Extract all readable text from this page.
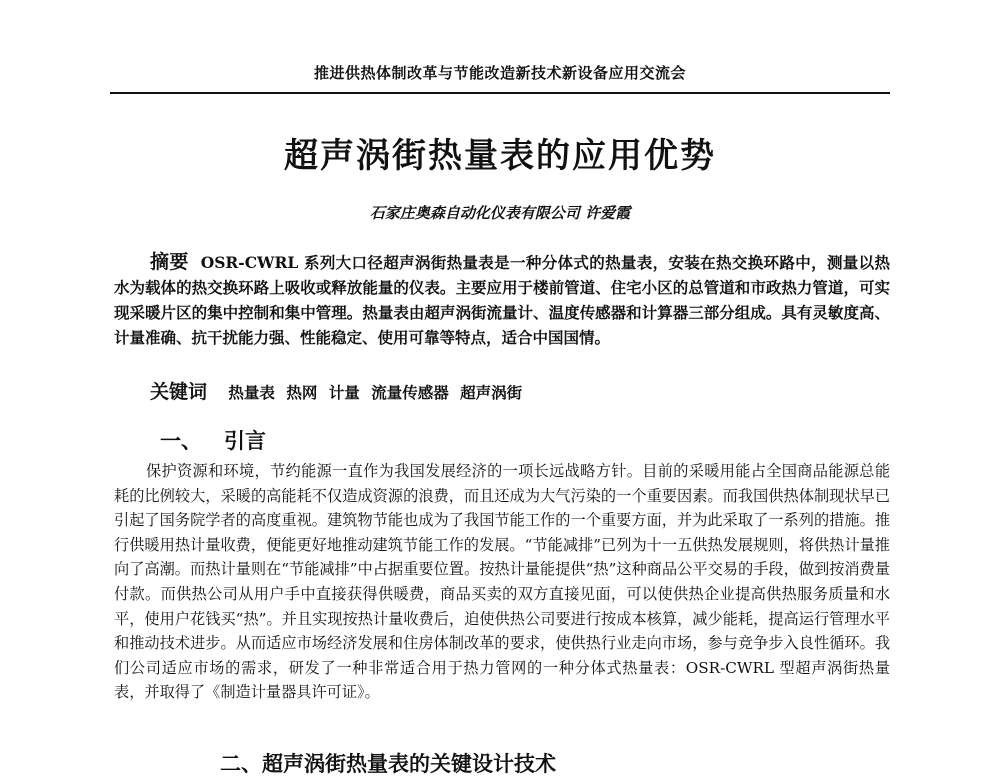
推进供热体制改革与节能改造新技术新设备应用交流会
超声涡街热量表的应用优势
石家庄奥森自动化仪表有限公司 许爱霞
摘要 OSR-CWRL 系列大口径超声涡街热量表是一种分体式的热量表，安装在热交换环路中，测量以热水为载体的热交换环路上吸收或释放能量的仪表。主要应用于楼前管道、住宅小区的总管道和市政热力管道，可实现采暖片区的集中控制和集中管理。热量表由超声涡街流量计、温度传感器和计算器三部分组成。具有灵敏度高、计量准确、抗干扰能力强、性能稳定、使用可靠等特点，适合中国国情。
关键词 热量表 热网 计量 流量传感器 超声涡街
一、 引言
保护资源和环境，节约能源一直作为我国发展经济的一项长远战略方针。目前的采暖用能占全国商品能源总能耗的比例较大，采暖的高能耗不仅造成资源的浪费，而且还成为大气污染的一个重要因素。而我国供热体制现状早已引起了国务院学者的高度重视。建筑物节能也成为了我国节能工作的一个重要方面，并为此采取了一系列的措施。推行供暖用热计量收费，便能更好地推动建筑节能工作的发展。“节能减排”已列为十一五供热发展规则，将供热计量推向了高潮。而热计量则在“节能减排”中占据重要位置。按热计量能提供“热”这种商品公平交易的手段，做到按消费量付款。而供热公司从用户手中直接获得供暖费，商品买卖的双方直接见面，可以使供热企业提高供热服务质量和水平，使用户花钱买“热”。并且实现按热计量收费后，迫使供热公司要进行按成本核算，减少能耗，提高运行管理水平和推动技术进步。从而适应市场经济发展和住房体制改革的要求，使供热行业走向市场，参与竞争步入良性循环。我们公司适应市场的需求，研发了一种非常适合用于热力管网的一种分体式热量表：OSR-CWRL 型超声涡街热量表，并取得了《制造计量器具许可证》。
二、超声涡街热量表的关键设计技术
